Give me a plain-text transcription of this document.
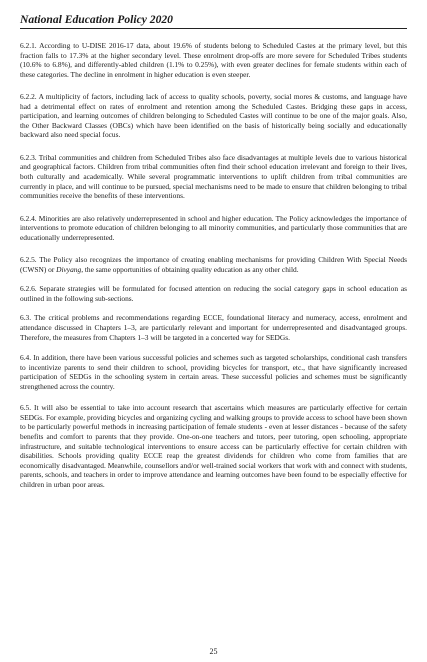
National Education Policy 2020

6.2.1. According to U-DISE 2016-17 data, about 19.6% of students belong to Scheduled Castes at the primary level, but this fraction falls to 17.3% at the higher secondary level. These enrolment drop-offs are more severe for Scheduled Tribes students (10.6% to 6.8%), and differently-abled children (1.1% to 0.25%), with even greater declines for female students within each of these categories. The decline in enrolment in higher education is even steeper.

6.2.2. A multiplicity of factors, including lack of access to quality schools, poverty, social mores & customs, and language have had a detrimental effect on rates of enrolment and retention among the Scheduled Castes. Bridging these gaps in access, participation, and learning outcomes of children belonging to Scheduled Castes will continue to be one of the major goals. Also, the Other Backward Classes (OBCs) which have been identified on the basis of historically being socially and educationally backward also need special focus.

6.2.3. Tribal communities and children from Scheduled Tribes also face disadvantages at multiple levels due to various historical and geographical factors. Children from tribal communities often find their school education irrelevant and foreign to their lives, both culturally and academically. While several programmatic interventions to uplift children from tribal communities are currently in place, and will continue to be pursued, special mechanisms need to be made to ensure that children belonging to tribal communities receive the benefits of these interventions.

6.2.4. Minorities are also relatively underrepresented in school and higher education. The Policy acknowledges the importance of interventions to promote education of children belonging to all minority communities, and particularly those communities that are educationally underrepresented.

6.2.5. The Policy also recognizes the importance of creating enabling mechanisms for providing Children With Special Needs (CWSN) or Divyang, the same opportunities of obtaining quality education as any other child.

6.2.6. Separate strategies will be formulated for focused attention on reducing the social category gaps in school education as outlined in the following sub-sections.

6.3. The critical problems and recommendations regarding ECCE, foundational literacy and numeracy, access, enrolment and attendance discussed in Chapters 1–3, are particularly relevant and important for underrepresented and disadvantaged groups. Therefore, the measures from Chapters 1–3 will be targeted in a concerted way for SEDGs.

6.4. In addition, there have been various successful policies and schemes such as targeted scholarships, conditional cash transfers to incentivize parents to send their children to school, providing bicycles for transport, etc., that have significantly increased participation of SEDGs in the schooling system in certain areas. These successful policies and schemes must be significantly strengthened across the country.

6.5. It will also be essential to take into account research that ascertains which measures are particularly effective for certain SEDGs. For example, providing bicycles and organizing cycling and walking groups to provide access to school have been shown to be particularly powerful methods in increasing participation of female students - even at lesser distances - because of the safety benefits and comfort to parents that they provide. One-on-one teachers and tutors, peer tutoring, open schooling, appropriate infrastructure, and suitable technological interventions to ensure access can be particularly effective for certain children with disabilities. Schools providing quality ECCE reap the greatest dividends for children who come from families that are economically disadvantaged. Meanwhile, counsellors and/or well-trained social workers that work with and connect with students, parents, schools, and teachers in order to improve attendance and learning outcomes have been found to be especially effective for children in urban poor areas.

25
